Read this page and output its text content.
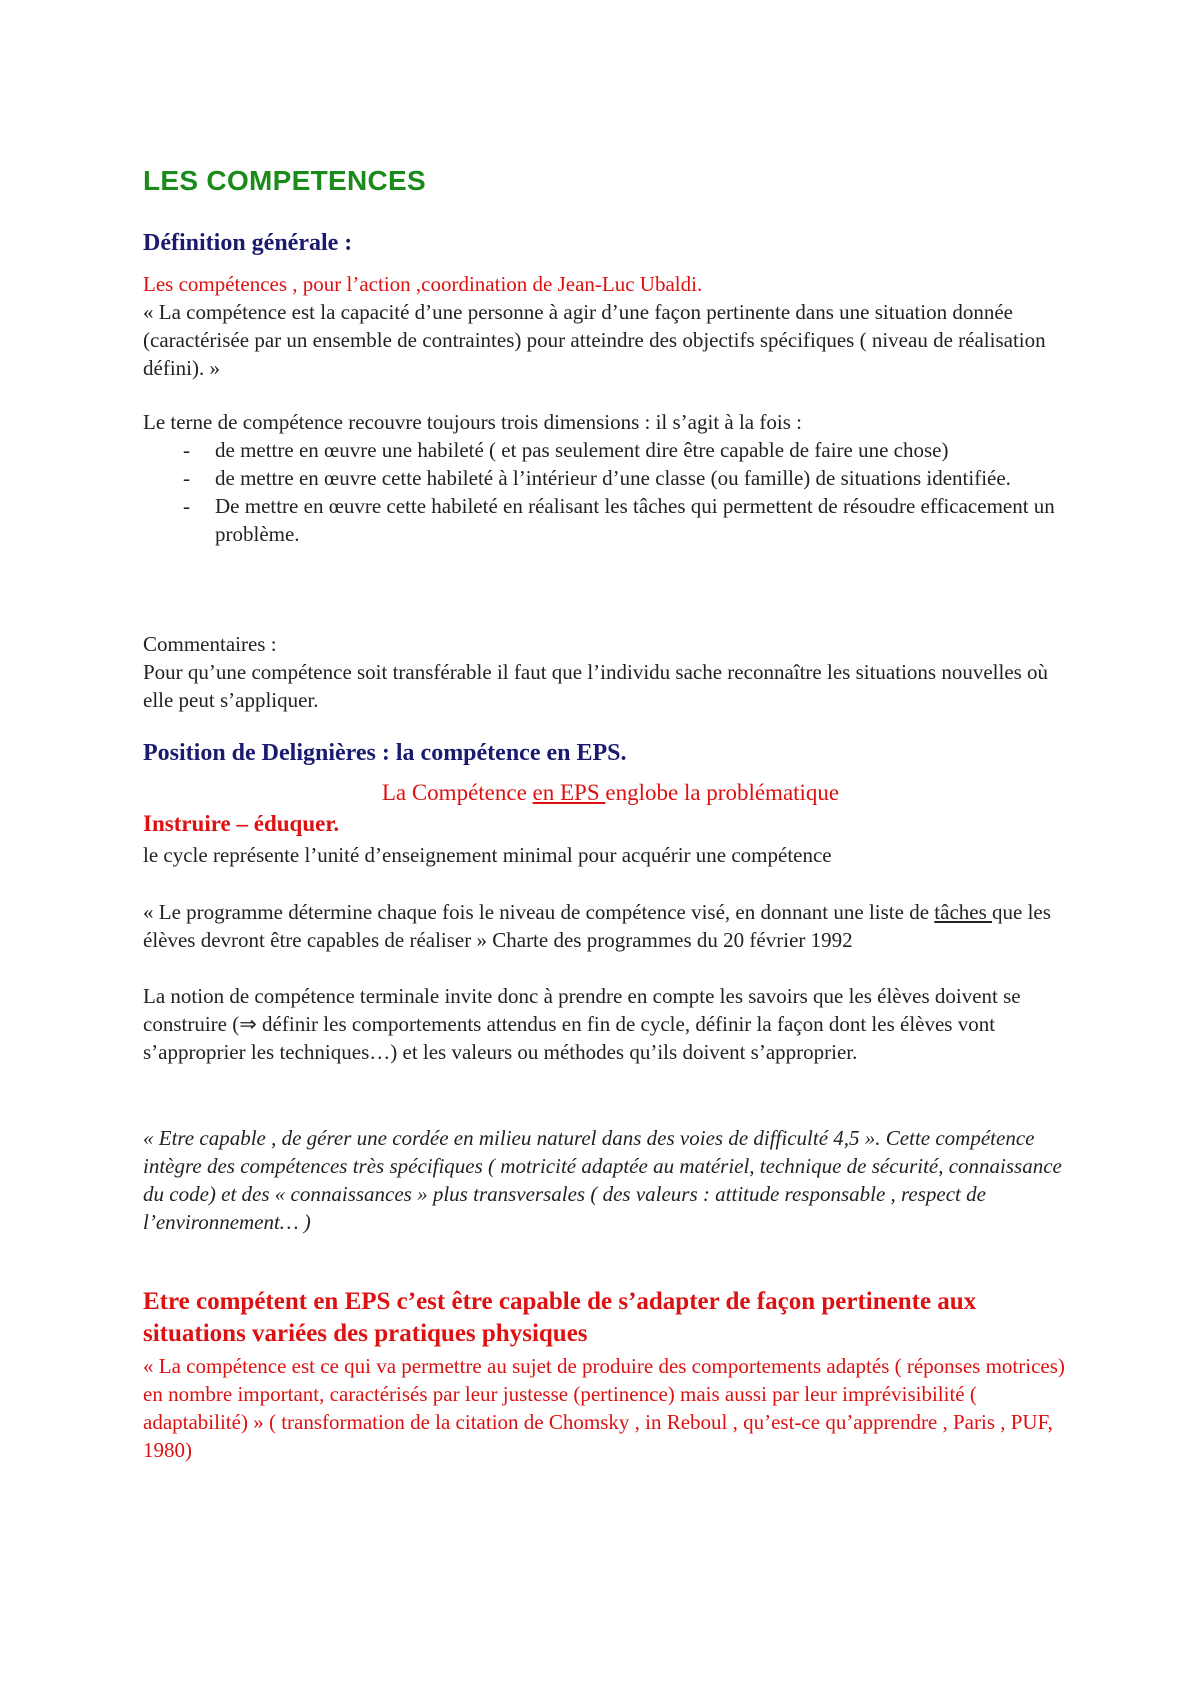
LES COMPETENCES
Définition générale :
Les compétences , pour l’action ,coordination de Jean-Luc Ubaldi.
« La compétence est la capacité d’une personne à agir d’une façon pertinente dans une situation donnée (caractérisée par un ensemble de contraintes) pour atteindre des objectifs spécifiques ( niveau de réalisation défini). »
Le terne de compétence recouvre toujours trois dimensions : il s’agit à la fois :
- de mettre en œuvre une habileté ( et pas seulement dire être capable de faire une chose)
- de mettre en œuvre cette habileté à l’intérieur d’une classe (ou famille) de situations identifiée.
- De mettre en œuvre cette habileté en réalisant les tâches qui permettent de résoudre efficacement un problème.
Commentaires :
Pour qu’une compétence soit transférable il faut que l’individu sache reconnaître les situations nouvelles où elle peut s’appliquer.
Position de Delignières : la compétence en EPS.
La Compétence en EPS englobe la problématique
Instruire – éduquer.
le cycle représente l’unité d’enseignement minimal pour acquérir une compétence
« Le programme détermine chaque fois le niveau de compétence visé, en donnant une liste de tâches que les élèves devront être capables de réaliser » Charte des programmes du 20 février 1992
La notion de compétence terminale invite donc à prendre en compte les savoirs que les élèves doivent se construire (⇒ définir les comportements attendus en fin de cycle, définir la façon dont les élèves vont s’approprier les techniques…) et les valeurs ou méthodes qu’ils doivent s’approprier.
« Etre capable , de gérer une cordée en milieu naturel dans des voies de difficulté 4,5 ». Cette compétence intègre des compétences très spécifiques ( motricité adaptée au matériel, technique de sécurité, connaissance du code) et des « connaissances » plus transversales ( des valeurs : attitude responsable , respect de l’environnement… )
Etre compétent en EPS c’est être capable de s’adapter de façon pertinente aux situations variées des pratiques physiques
« La compétence est ce qui va permettre au sujet de produire des comportements adaptés ( réponses motrices) en nombre important, caractérisés par leur justesse (pertinence) mais aussi par leur imprévisibilité ( adaptabilité) » ( transformation de la citation de Chomsky , in Reboul , qu’est-ce qu’apprendre , Paris , PUF, 1980)
